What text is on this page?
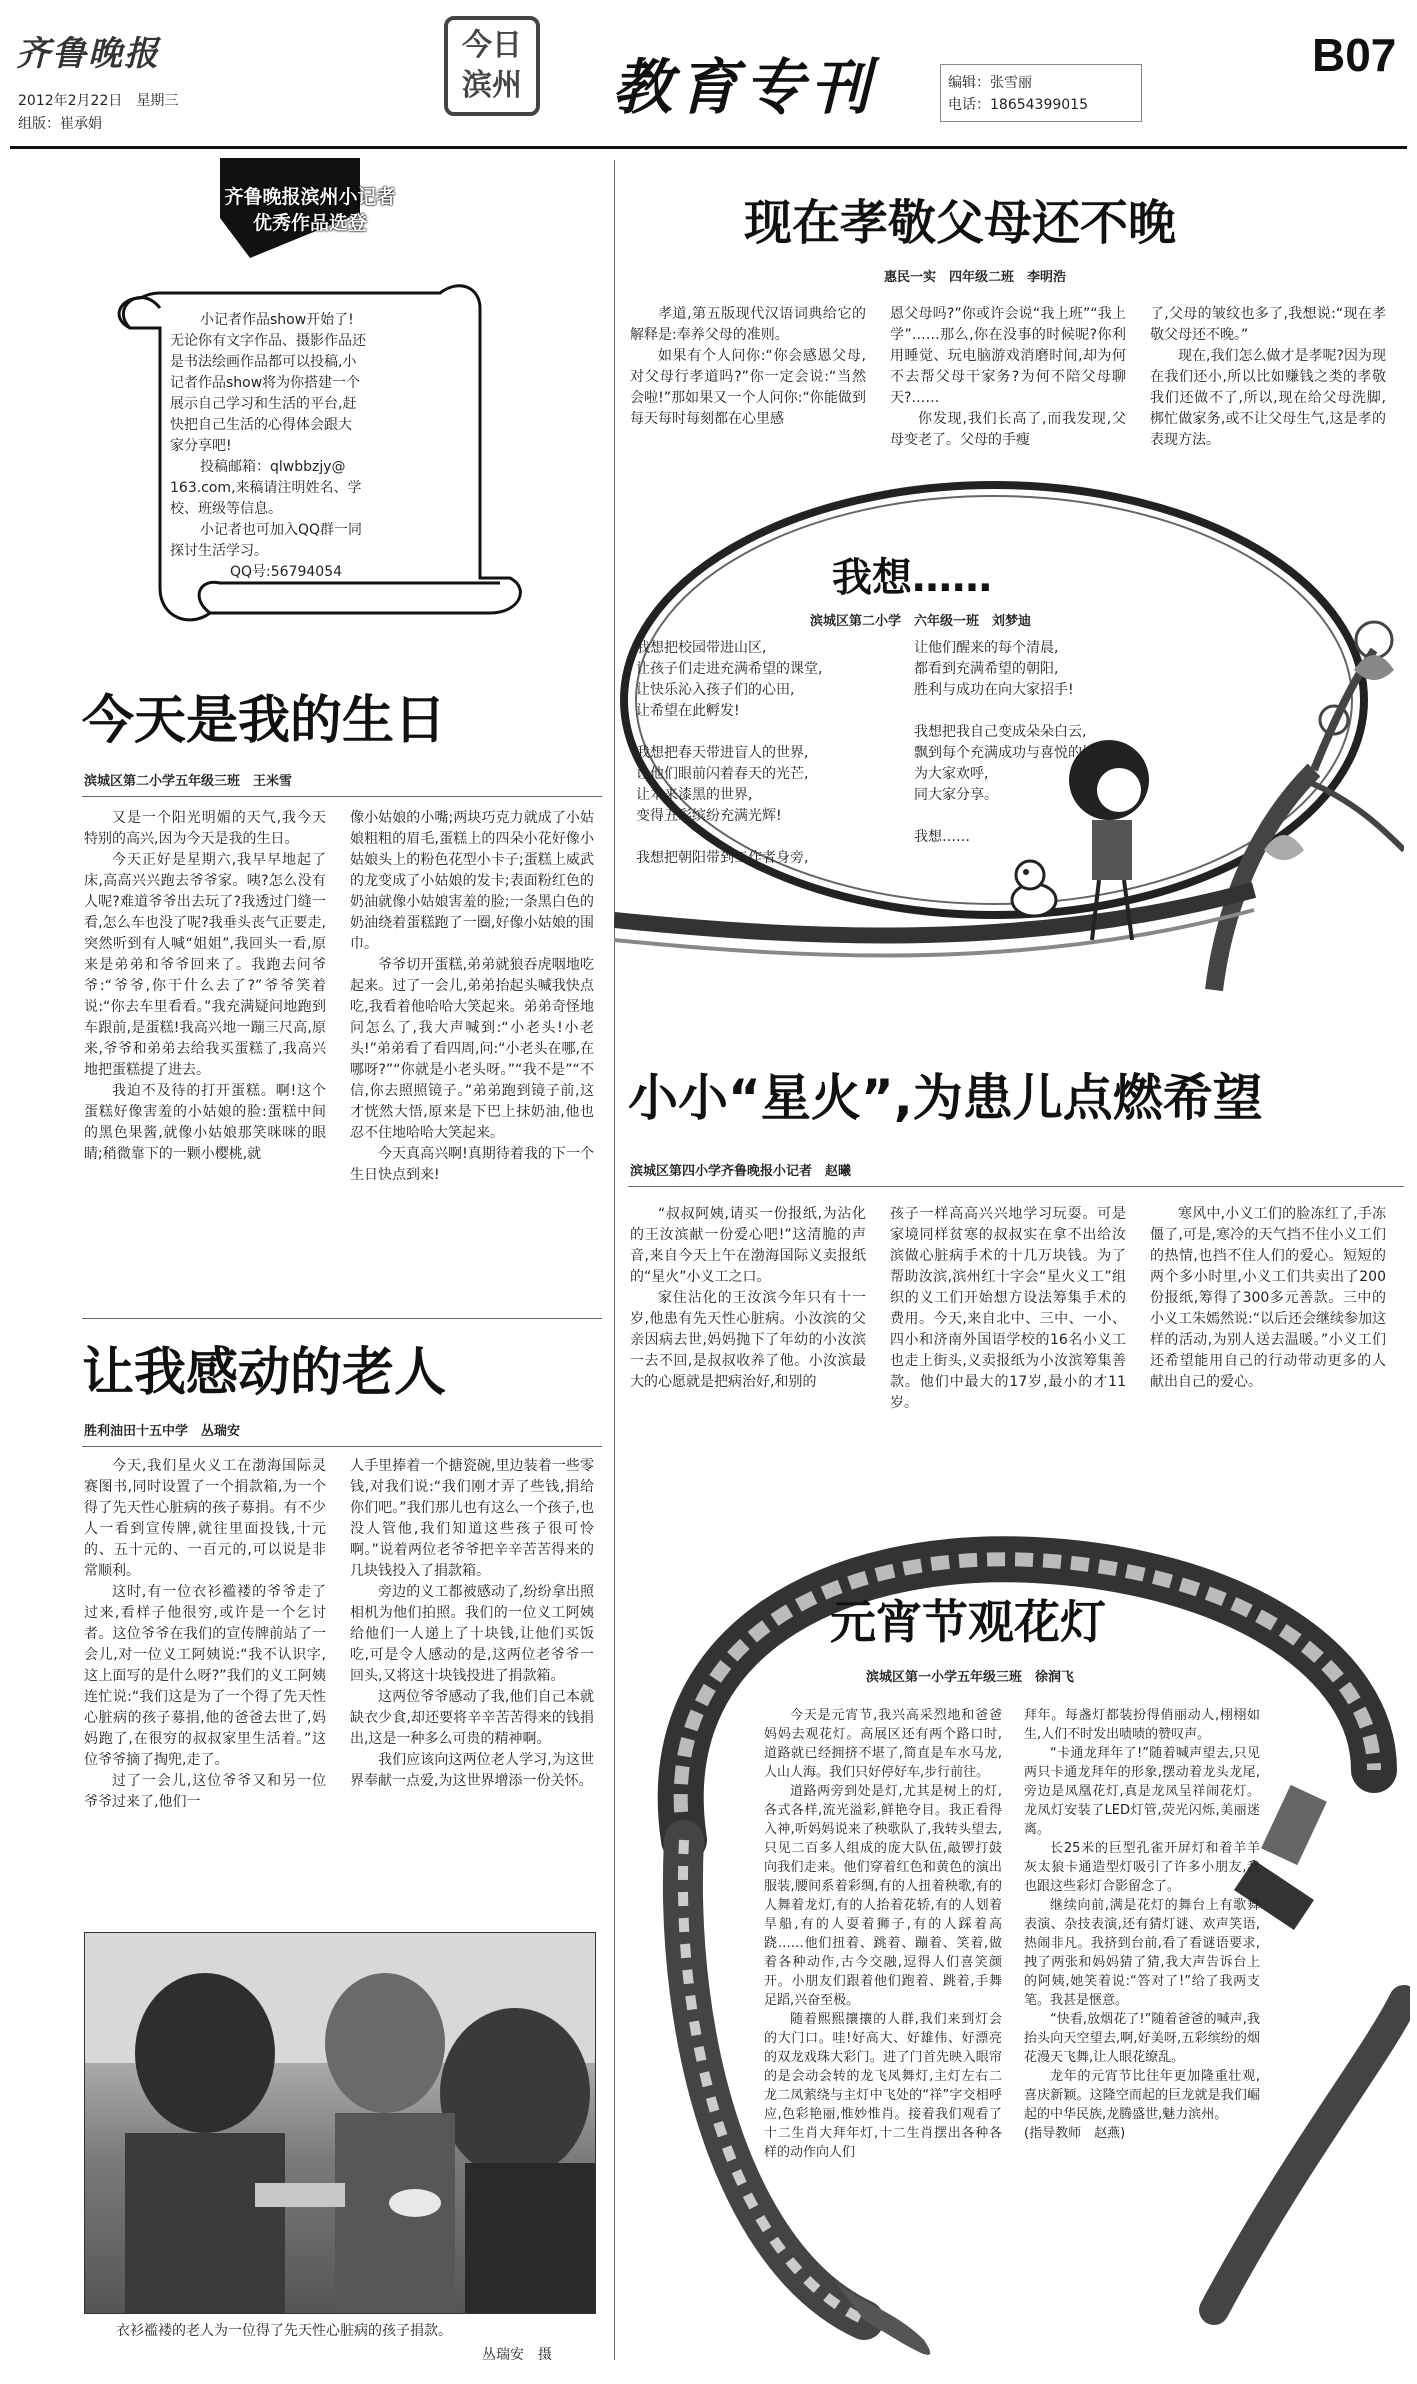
齐鲁晚报
2012年2月22日　星期三
组版：崔承娟
今日滨州 教育专刊	编辑：张雪丽
电话：18654399015
B07
齐鲁晚报滨州小记者
优秀作品选登
小记者作品show开始了!
无论你有文字作品、摄影作品还
是书法绘画作品都可以投稿,小
记者作品show将为你搭建一个
展示自己学习和生活的平台,赶
快把自己生活的心得体会跟大
家分享吧!
投稿邮箱：qlwbbzjy@
163.com,来稿请注明姓名、学
校、班级等信息。
小记者也可加入QQ群一同
探讨生活学习。
QQ号:56794054
今天是我的生日
滨城区第二小学五年级三班　王米雪

又是一个阳光明媚的天气,我今天特别的高兴,因为今天是我的生日。

今天正好是星期六,我早早地起了床,高高兴兴跑去爷爷家。咦?怎么没有人呢?难道爷爷出去玩了?我透过门缝一看,怎么车也没了呢?我垂头丧气正要走,突然听到有人喊“姐姐”,我回头一看,原来是弟弟和爷爷回来了。我跑去问爷爷:“爷爷,你干什么去了?”爷爷笑着说:“你去车里看看。”我充满疑问地跑到车跟前,是蛋糕!我高兴地一蹦三尺高,原来,爷爷和弟弟去给我买蛋糕了,我高兴地把蛋糕提了进去。

我迫不及待的打开蛋糕。啊!这个蛋糕好像害羞的小姑娘的脸:蛋糕中间的黑色果酱,就像小姑娘那笑咪咪的眼睛;稍微靠下的一颗小樱桃,就

像小姑娘的小嘴;两块巧克力就成了小姑娘粗粗的眉毛,蛋糕上的四朵小花好像小姑娘头上的粉色花型小卡子;蛋糕上威武的龙变成了小姑娘的发卡;表面粉红色的奶油就像小姑娘害羞的脸;一条黑白色的奶油绕着蛋糕跑了一圈,好像小姑娘的围巾。

爷爷切开蛋糕,弟弟就狼吞虎咽地吃起来。过了一会儿,弟弟抬起头喊我快点吃,我看着他哈哈大笑起来。弟弟奇怪地问怎么了,我大声喊到:“小老头!小老头!”弟弟看了看四周,问:“小老头在哪,在哪呀?”“你就是小老头呀。”“我不是”“不信,你去照照镜子。”弟弟跑到镜子前,这才恍然大悟,原来是下巴上抹奶油,他也忍不住地哈哈大笑起来。

今天真高兴啊!真期待着我的下一个生日快点到来!

让我感动的老人
胜利油田十五中学　丛瑞安

今天,我们星火义工在渤海国际灵赛图书,同时设置了一个捐款箱,为一个得了先天性心脏病的孩子募捐。有不少人一看到宣传牌,就往里面投钱,十元的、五十元的、一百元的,可以说是非常顺利。

这时,有一位衣衫褴褛的爷爷走了过来,看样子他很穷,或许是一个乞讨者。这位爷爷在我们的宣传牌前站了一会儿,对一位义工阿姨说:“我不认识字,这上面写的是什么呀?”我们的义工阿姨连忙说:“我们这是为了一个得了先天性心脏病的孩子募捐,他的爸爸去世了,妈妈跑了,在很穷的叔叔家里生活着。”这位爷爷摘了掏兜,走了。

过了一会儿,这位爷爷又和另一位爷爷过来了,他们一

人手里捧着一个搪瓷碗,里边装着一些零钱,对我们说:“我们刚才弄了些钱,捐给你们吧。”我们那儿也有这么一个孩子,也没人管他,我们知道这些孩子很可怜啊。”说着两位老爷爷把辛辛苦苦得来的几块钱投入了捐款箱。

旁边的义工都被感动了,纷纷拿出照相机为他们拍照。我们的一位义工阿姨给他们一人递上了十块钱,让他们买饭吃,可是令人感动的是,这两位老爷爷一回头,又将这十块钱投进了捐款箱。

这两位爷爷感动了我,他们自己本就缺衣少食,却还要将辛辛苦苦得来的钱捐出,这是一种多么可贵的精神啊。

我们应该向这两位老人学习,为这世界奉献一点爱,为这世界增添一份关怀。

衣衫褴褛的老人为一位得了先天性心脏病的孩子捐款。
丛瑞安　摄
现在孝敬父母还不晚
惠民一实　四年级二班　李明浩

孝道,第五版现代汉语词典给它的解释是:奉养父母的准则。

如果有个人问你:“你会感恩父母,对父母行孝道吗?”你一定会说:“当然会啦!”那如果又一个人问你:“你能做到每天每时每刻都在心里感

恩父母吗?”你或许会说“我上班”“我上学”……那么,你在没事的时候呢?你利用睡觉、玩电脑游戏消磨时间,却为何不去帮父母干家务?为何不陪父母聊天?……

你发现,我们长高了,而我发现,父母变老了。父母的手瘦

了,父母的皱纹也多了,我想说:“现在孝敬父母还不晚。”

现在,我们怎么做才是孝呢?因为现在我们还小,所以比如赚钱之类的孝敬我们还做不了,所以,现在给父母洗脚,梆忙做家务,或不让父母生气,这是孝的表现方法。

我想……
滨城区第二小学　六年级一班　刘梦迪
我想把校园带进山区,
让孩子们走进充满希望的课堂,
让快乐沁入孩子们的心田,
让希望在此孵发!
我想把春天带进盲人的世界,
让他们眼前闪着春天的光芒,
让本来漆黑的世界,
变得五彩缤纷充满光辉!
我想把朝阳带到工作者身旁,
让他们醒来的每个清晨,
都看到充满希望的朝阳,
胜利与成功在向大家招手!
我想把我自己变成朵朵白云,
飘到每个充满成功与喜悦的地方,
为大家欢呼,
同大家分享。
我想……
小小“星火”,为患儿点燃希望
滨城区第四小学齐鲁晚报小记者　赵曦

“叔叔阿姨,请买一份报纸,为沾化的王汝滨献一份爱心吧!”这清脆的声音,来自今天上午在渤海国际义卖报纸的“星火”小义工之口。

家住沾化的王汝滨今年只有十一岁,他患有先天性心脏病。小汝滨的父亲因病去世,妈妈抛下了年幼的小汝滨一去不回,是叔叔收养了他。小汝滨最大的心愿就是把病治好,和别的

孩子一样高高兴兴地学习玩耍。可是家境同样贫寒的叔叔实在拿不出给汝滨做心脏病手术的十几万块钱。为了帮助汝滨,滨州红十字会“星火义工”组织的义工们开始想方设法筹集手术的费用。今天,来自北中、三中、一小、四小和济南外国语学校的16名小义工也走上街头,义卖报纸为小汝滨筹集善款。他们中最大的17岁,最小的才11岁。

寒风中,小义工们的脸冻红了,手冻僵了,可是,寒冷的天气挡不住小义工们的热情,也挡不住人们的爱心。短短的两个多小时里,小义工们共卖出了200份报纸,筹得了300多元善款。三中的小义工朱嫣然说:“以后还会继续参加这样的活动,为别人送去温暖。”小义工们还希望能用自己的行动带动更多的人献出自己的爱心。

元宵节观花灯
滨城区第一小学五年级三班　徐润飞

今天是元宵节,我兴高采烈地和爸爸妈妈去观花灯。高展区还有两个路口时,道路就已经拥挤不堪了,简直是车水马龙,人山人海。我们只好停好车,步行前往。

道路两旁到处是灯,尤其是树上的灯,各式各样,流光溢彩,鲜艳夺目。我正看得入神,听妈妈说来了秧歌队了,我转头望去,只见二百多人组成的庞大队伍,敲锣打鼓向我们走来。他们穿着红色和黄色的演出服装,腰间系着彩绸,有的人扭着秧歌,有的人舞着龙灯,有的人抬着花轿,有的人划着旱船,有的人耍着狮子,有的人踩着高跷……他们扭着、跳着、蹦着、笑着,做着各种动作,古今交融,逗得人们喜笑颜开。小朋友们跟着他们跑着、跳着,手舞足蹈,兴奋至极。

随着熙熙攘攘的人群,我们来到灯会的大门口。哇!好高大、好雄伟、好漂亮的双龙戏珠大彩门。进了门首先映入眼帘的是会动会转的龙飞凤舞灯,主灯左右二龙二凤萦绕与主灯中飞处的“祥”字交相呼应,色彩艳丽,惟妙惟肖。接着我们观看了十二生肖大拜年灯,十二生肖摆出各种各样的动作向人们

拜年。每盏灯都装扮得俏丽动人,栩栩如生,人们不时发出啧啧的赞叹声。

“卡通龙拜年了!”随着喊声望去,只见两只卡通龙拜年的形象,摆动着龙头龙尾,旁边是凤凰花灯,真是龙凤呈祥闹花灯。龙凤灯安装了LED灯管,荧光闪烁,美丽迷离。

长25米的巨型孔雀开屏灯和着羊羊灰太狼卡通造型灯吸引了许多小朋友,我也跟这些彩灯合影留念了。

继续向前,满是花灯的舞台上有歌舞表演、杂技表演,还有猜灯谜、欢声笑语,热闹非凡。我挤到台前,看了看谜语要求,拽了两张和妈妈猜了猜,我大声告诉台上的阿姨,她笑着说:“答对了!”给了我两支笔。我甚是惬意。

“快看,放烟花了!”随着爸爸的喊声,我抬头向天空望去,啊,好美呀,五彩缤纷的烟花漫天飞舞,让人眼花缭乱。

龙年的元宵节比往年更加隆重壮观,喜庆新颖。这隆空而起的巨龙就是我们崛起的中华民族,龙腾盛世,魅力滨州。

(指导教师　赵燕)
